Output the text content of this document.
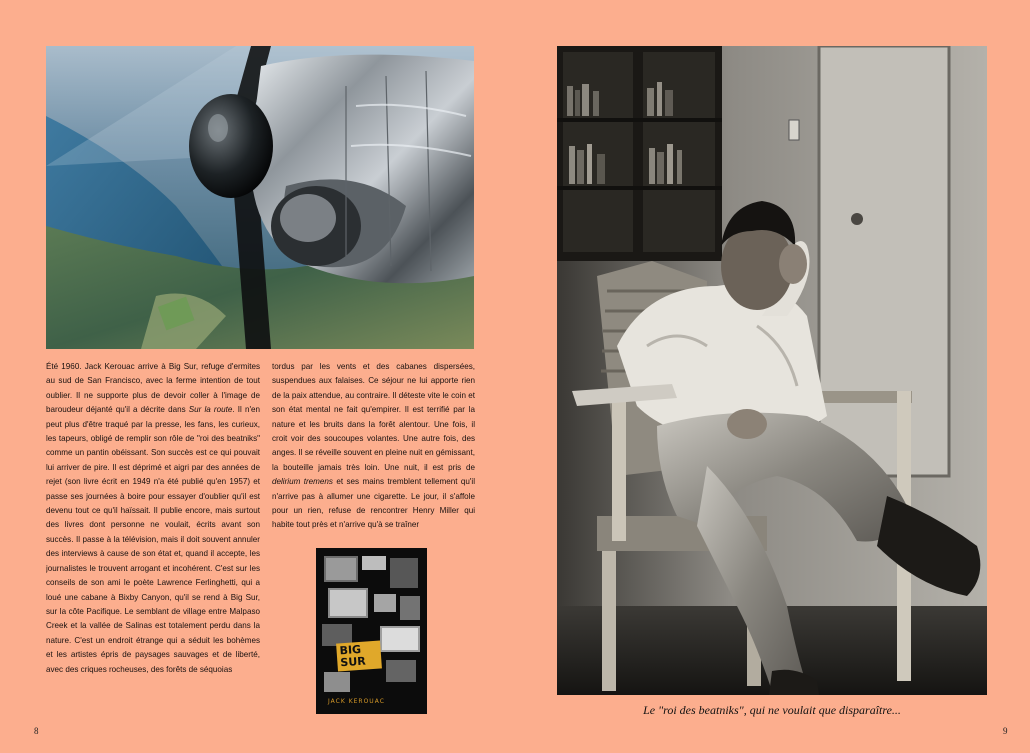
Été 1960. Jack Kerouac arrive à Big Sur, refuge d'ermites au sud de San Francisco, avec la ferme intention de tout oublier. Il ne supporte plus de devoir coller à l'image de baroudeur déjanté qu'il a décrite dans Sur la route. Il n'en peut plus d'être traqué par la presse, les fans, les curieux, les tapeurs, obligé de remplir son rôle de "roi des beatniks" comme un pantin obéissant. Son succès est ce qui pouvait lui arriver de pire. Il est déprimé et aigri par des années de rejet (son livre écrit en 1949 n'a été publié qu'en 1957) et passe ses journées à boire pour essayer d'oublier qu'il est devenu tout ce qu'il haïssait. Il publie encore, mais surtout des livres dont personne ne voulait, écrits avant son succès. Il passe à la télévision, mais il doit souvent annuler des interviews à cause de son état et, quand il accepte, les journalistes le trouvent arrogant et incohérent. C'est sur les conseils de son ami le poète Lawrence Ferlinghetti, qui a loué une cabane à Bixby Canyon, qu'il se rend à Big Sur, sur la côte Pacifique. Le semblant de village entre Malpaso Creek et la vallée de Salinas est totalement perdu dans la nature. C'est un endroit étrange qui a séduit les bohèmes et les artistes épris de paysages sauvages et de liberté, avec des criques rocheuses, des forêts de séquoias

tordus par les vents et des cabanes dispersées, suspendues aux falaises. Ce séjour ne lui apporte rien de la paix attendue, au contraire. Il déteste vite le coin et son état mental ne fait qu'empirer. Il est terrifié par la nature et les bruits dans la forêt alentour. Une fois, il croit voir des soucoupes volantes. Une autre fois, des anges. Il se réveille souvent en pleine nuit en gémissant, la bouteille jamais très loin. Une nuit, il est pris de delirium tremens et ses mains tremblent tellement qu'il n'arrive pas à allumer une cigarette. Le jour, il s'affole pour un rien, refuse de rencontrer Henry Miller qui habite tout près et n'arrive qu'à se traîner

BIG
SUR
JACK KEROUAC
8
Le "roi des beatniks", qui ne voulait que disparaître...
9
